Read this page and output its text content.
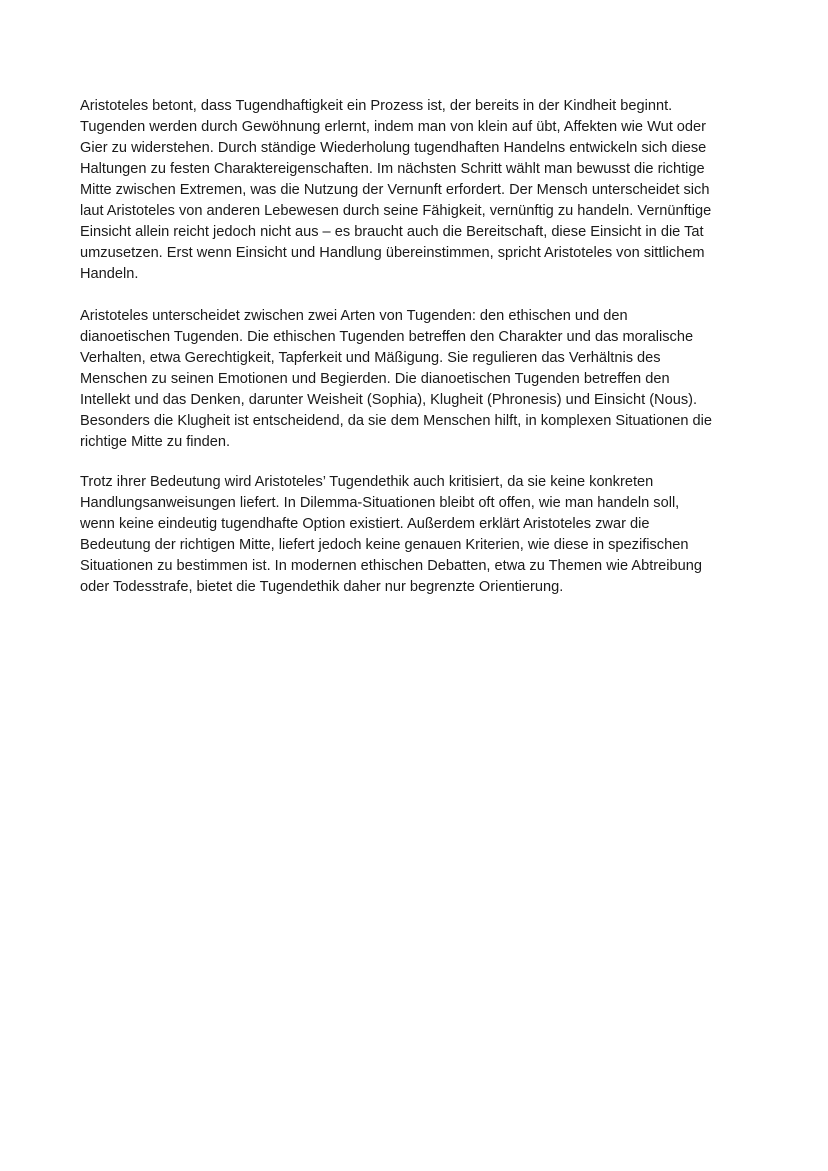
Aristoteles betont, dass Tugendhaftigkeit ein Prozess ist, der bereits in der Kindheit beginnt.
Tugenden werden durch Gewöhnung erlernt, indem man von klein auf übt, Affekten wie Wut oder
Gier zu widerstehen. Durch ständige Wiederholung tugendhaften Handelns entwickeln sich diese
Haltungen zu festen Charaktereigenschaften. Im nächsten Schritt wählt man bewusst die richtige
Mitte zwischen Extremen, was die Nutzung der Vernunft erfordert. Der Mensch unterscheidet sich
laut Aristoteles von anderen Lebewesen durch seine Fähigkeit, vernünftig zu handeln. Vernünftige
Einsicht allein reicht jedoch nicht aus – es braucht auch die Bereitschaft, diese Einsicht in die Tat
umzusetzen. Erst wenn Einsicht und Handlung übereinstimmen, spricht Aristoteles von sittlichem
Handeln.
Aristoteles unterscheidet zwischen zwei Arten von Tugenden: den ethischen und den
dianoetischen Tugenden. Die ethischen Tugenden betreffen den Charakter und das moralische
Verhalten, etwa Gerechtigkeit, Tapferkeit und Mäßigung. Sie regulieren das Verhältnis des
Menschen zu seinen Emotionen und Begierden. Die dianoetischen Tugenden betreffen den
Intellekt und das Denken, darunter Weisheit (Sophia), Klugheit (Phronesis) und Einsicht (Nous).
Besonders die Klugheit ist entscheidend, da sie dem Menschen hilft, in komplexen Situationen die
richtige Mitte zu finden.
Trotz ihrer Bedeutung wird Aristoteles’ Tugendethik auch kritisiert, da sie keine konkreten
Handlungsanweisungen liefert. In Dilemma-Situationen bleibt oft offen, wie man handeln soll,
wenn keine eindeutig tugendhafte Option existiert. Außerdem erklärt Aristoteles zwar die
Bedeutung der richtigen Mitte, liefert jedoch keine genauen Kriterien, wie diese in spezifischen
Situationen zu bestimmen ist. In modernen ethischen Debatten, etwa zu Themen wie Abtreibung
oder Todesstrafe, bietet die Tugendethik daher nur begrenzte Orientierung.
